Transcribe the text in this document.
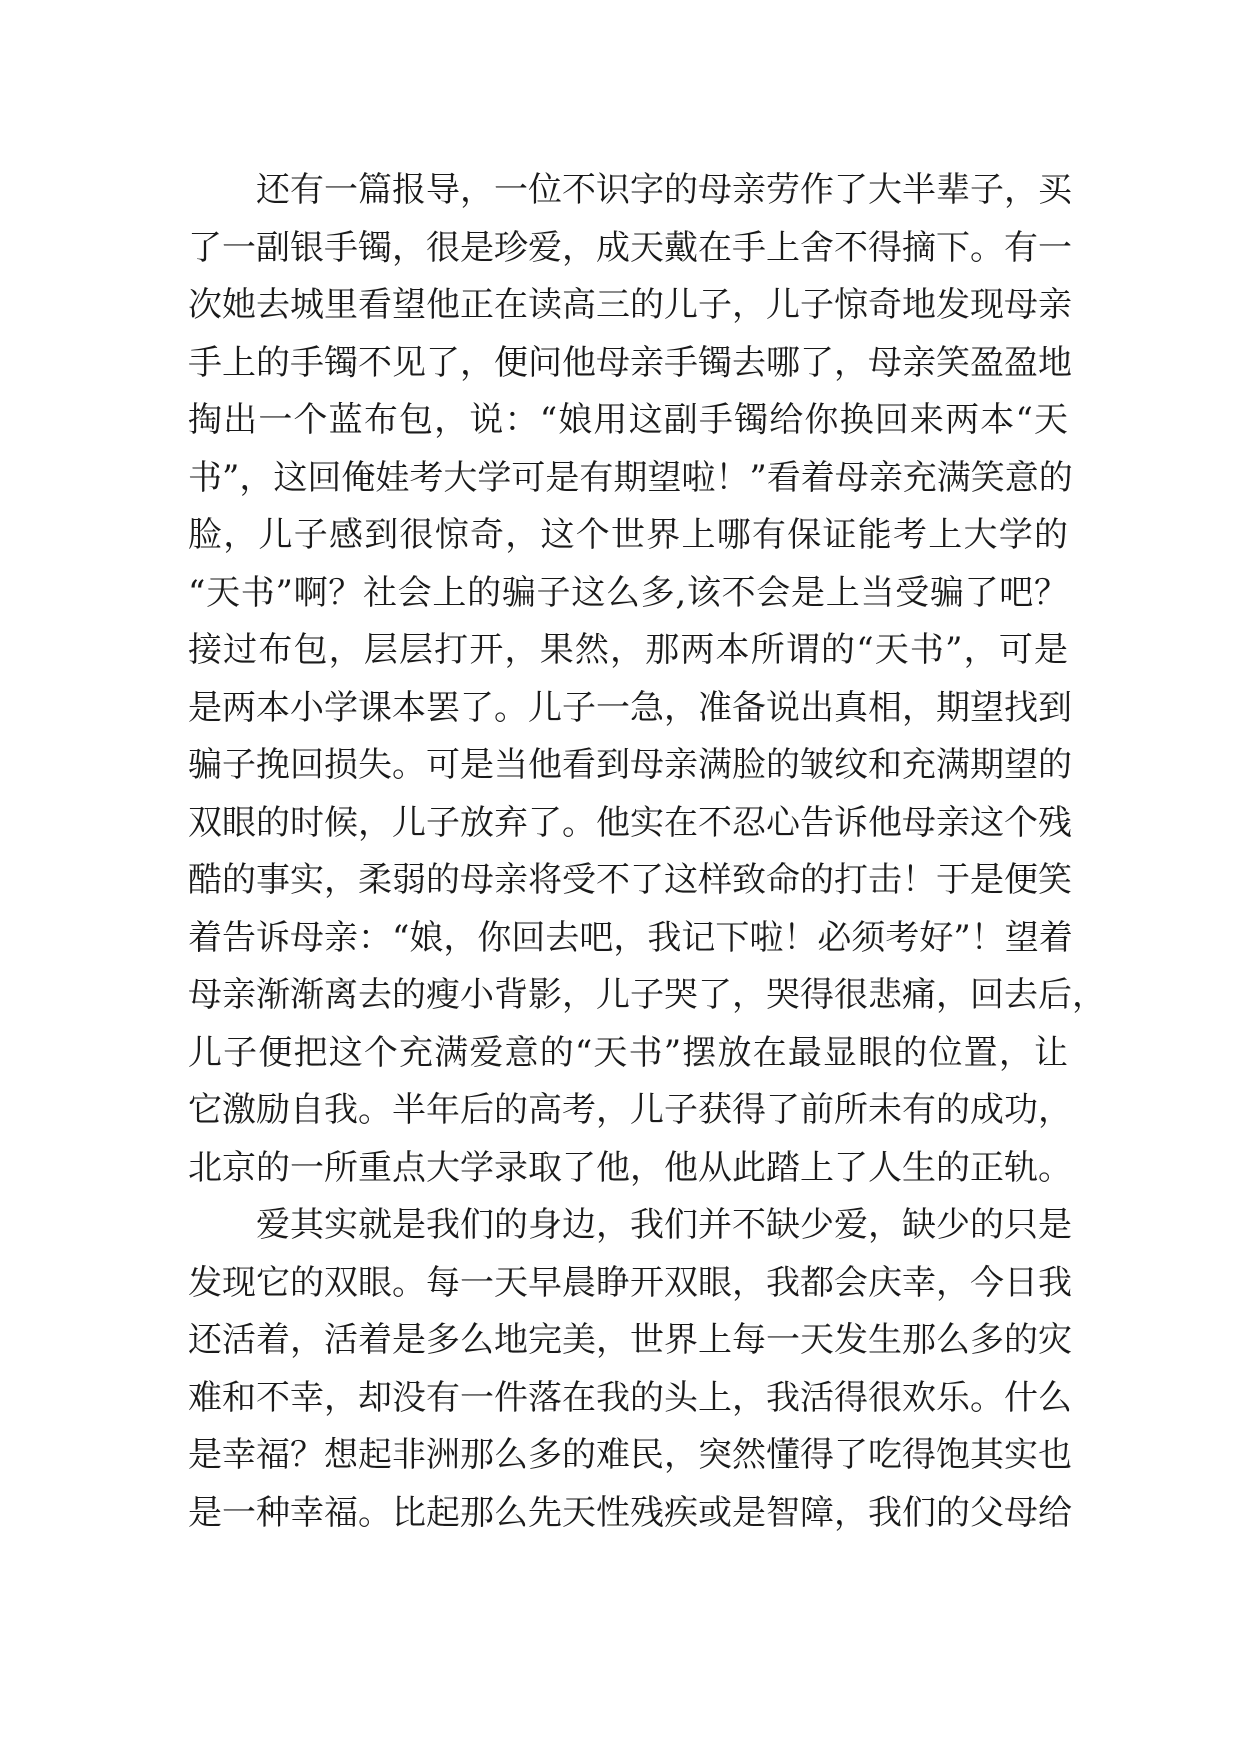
还有一篇报导，一位不识字的母亲劳作了大半辈子，买
了一副银手镯，很是珍爱，成天戴在手上舍不得摘下。有一
次她去城里看望他正在读高三的儿子，儿子惊奇地发现母亲
手上的手镯不见了，便问他母亲手镯去哪了，母亲笑盈盈地
掏出一个蓝布包，说：“娘用这副手镯给你换回来两本“天
书”，这回俺娃考大学可是有期望啦！”看着母亲充满笑意的
脸，儿子感到很惊奇，这个世界上哪有保证能考上大学的
“天书”啊？社会上的骗子这么多,该不会是上当受骗了吧？
接过布包，层层打开，果然，那两本所谓的“天书”，可是
是两本小学课本罢了。儿子一急，准备说出真相，期望找到
骗子挽回损失。可是当他看到母亲满脸的皱纹和充满期望的
双眼的时候，儿子放弃了。他实在不忍心告诉他母亲这个残
酷的事实，柔弱的母亲将受不了这样致命的打击！于是便笑
着告诉母亲：“娘，你回去吧，我记下啦！必须考好”！望着
母亲渐渐离去的瘦小背影，儿子哭了，哭得很悲痛，回去后，
儿子便把这个充满爱意的“天书”摆放在最显眼的位置，让
它激励自我。半年后的高考，儿子获得了前所未有的成功，
北京的一所重点大学录取了他，他从此踏上了人生的正轨。
爱其实就是我们的身边，我们并不缺少爱，缺少的只是
发现它的双眼。每一天早晨睁开双眼，我都会庆幸，今日我
还活着，活着是多么地完美，世界上每一天发生那么多的灾
难和不幸，却没有一件落在我的头上，我活得很欢乐。什么
是幸福？想起非洲那么多的难民，突然懂得了吃得饱其实也
是一种幸福。比起那么先天性残疾或是智障，我们的父母给
